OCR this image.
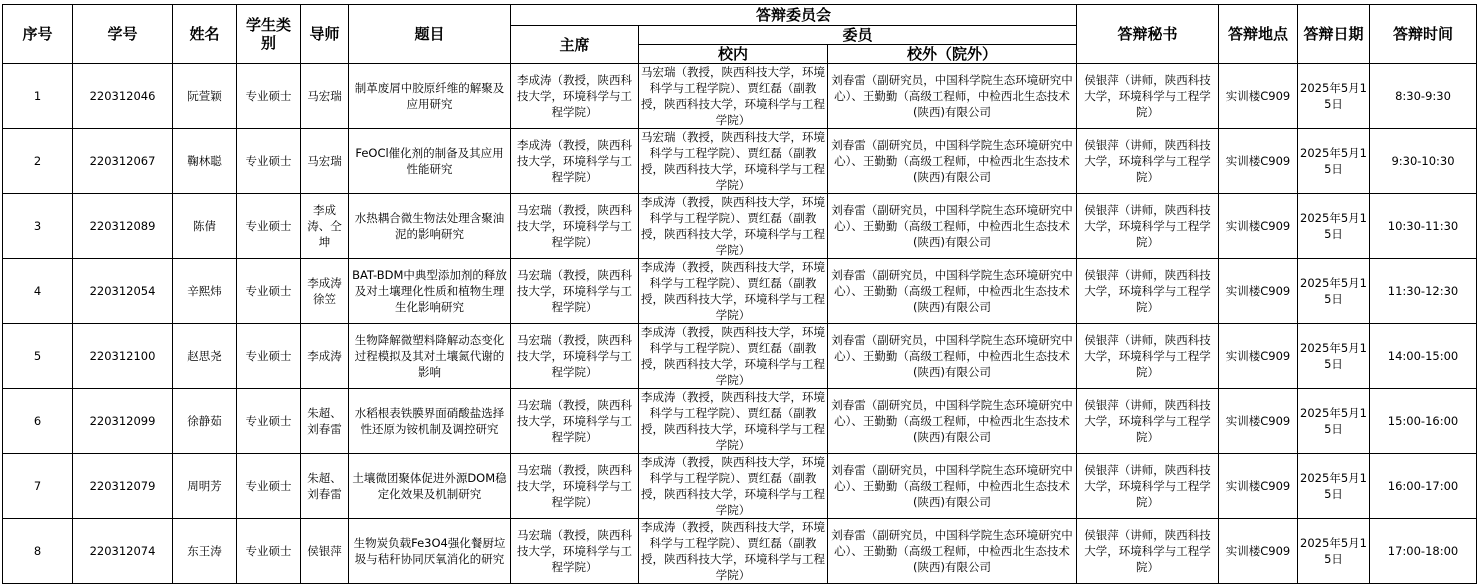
序号	学号	姓名	学生类别	导师	题目	答辩委员会			答辩秘书	答辩地点	答辩日期	答辩时间
						主席	委员					
							校内	校外（院外）				
1	220312046	阮萱颖	专业硕士	马宏瑞	制革废屑中胶原纤维的解聚及应用研究	李成涛（教授，陕西科技大学，环境科学与工程学院）	马宏瑞（教授，陕西科技大学，环境科学与工程学院）、贾红磊（副教授，陕西科技大学，环境科学与工程学院）	刘春雷（副研究员，中国科学院生态环境研究中心）、王勤勤（高级工程师，中检西北生态技术(陕西)有限公司	侯银萍（讲师，陕西科技大学，环境科学与工程学院）	实训楼C909	2025年5月15日	8:30-9:30
2	220312067	鞠林聪	专业硕士	马宏瑞	FeOCl催化剂的制备及其应用性能研究	李成涛（教授，陕西科技大学，环境科学与工程学院）	马宏瑞（教授，陕西科技大学，环境科学与工程学院）、贾红磊（副教授，陕西科技大学，环境科学与工程学院）	刘春雷（副研究员，中国科学院生态环境研究中心）、王勤勤（高级工程师，中检西北生态技术(陕西)有限公司	侯银萍（讲师，陕西科技大学，环境科学与工程学院）	实训楼C909	2025年5月15日	9:30-10:30
3	220312089	陈倩	专业硕士	李成涛、仝坤	水热耦合微生物法处理含聚油泥的影响研究	马宏瑞（教授，陕西科技大学，环境科学与工程学院）	李成涛（教授，陕西科技大学，环境科学与工程学院）、贾红磊（副教授，陕西科技大学，环境科学与工程学院）	刘春雷（副研究员，中国科学院生态环境研究中心）、王勤勤（高级工程师，中检西北生态技术(陕西)有限公司	侯银萍（讲师，陕西科技大学，环境科学与工程学院）	实训楼C909	2025年5月15日	10:30-11:30
4	220312054	辛熙炜	专业硕士	李成涛徐笠	BAT-BDM中典型添加剂的释放及对土壤理化性质和植物生理生化影响研究	马宏瑞（教授，陕西科技大学，环境科学与工程学院）	李成涛（教授，陕西科技大学，环境科学与工程学院）、贾红磊（副教授，陕西科技大学，环境科学与工程学院）	刘春雷（副研究员，中国科学院生态环境研究中心）、王勤勤（高级工程师，中检西北生态技术(陕西)有限公司	侯银萍（讲师，陕西科技大学，环境科学与工程学院）	实训楼C909	2025年5月15日	11:30-12:30
5	220312100	赵思尧	专业硕士	李成涛	生物降解微塑料降解动态变化过程模拟及其对土壤氮代谢的影响	马宏瑞（教授，陕西科技大学，环境科学与工程学院）	李成涛（教授，陕西科技大学，环境科学与工程学院）、贾红磊（副教授，陕西科技大学，环境科学与工程学院）	刘春雷（副研究员，中国科学院生态环境研究中心）、王勤勤（高级工程师，中检西北生态技术(陕西)有限公司	侯银萍（讲师，陕西科技大学，环境科学与工程学院）	实训楼C909	2025年5月15日	14:00-15:00
6	220312099	徐静茹	专业硕士	朱超、刘春雷	水稻根表铁膜界面硝酸盐选择性还原为铵机制及调控研究	马宏瑞（教授，陕西科技大学，环境科学与工程学院）	李成涛（教授，陕西科技大学，环境科学与工程学院）、贾红磊（副教授，陕西科技大学，环境科学与工程学院）	刘春雷（副研究员，中国科学院生态环境研究中心）、王勤勤（高级工程师，中检西北生态技术(陕西)有限公司	侯银萍（讲师，陕西科技大学，环境科学与工程学院）	实训楼C909	2025年5月15日	15:00-16:00
7	220312079	周明芳	专业硕士	朱超、刘春雷	土壤微团聚体促进外源DOM稳定化效果及机制研究	马宏瑞（教授，陕西科技大学，环境科学与工程学院）	李成涛（教授，陕西科技大学，环境科学与工程学院）、贾红磊（副教授，陕西科技大学，环境科学与工程学院）	刘春雷（副研究员，中国科学院生态环境研究中心）、王勤勤（高级工程师，中检西北生态技术(陕西)有限公司	侯银萍（讲师，陕西科技大学，环境科学与工程学院）	实训楼C909	2025年5月15日	16:00-17:00
8	220312074	东王涛	专业硕士	侯银萍	生物炭负载Fe3O4强化餐厨垃圾与秸秆协同厌氧消化的研究	马宏瑞（教授，陕西科技大学，环境科学与工程学院）	李成涛（教授，陕西科技大学，环境科学与工程学院）、贾红磊（副教授，陕西科技大学，环境科学与工程学院）	刘春雷（副研究员，中国科学院生态环境研究中心）、王勤勤（高级工程师，中检西北生态技术(陕西)有限公司	侯银萍（讲师，陕西科技大学，环境科学与工程学院）	实训楼C909	2025年5月15日	17:00-18:00
